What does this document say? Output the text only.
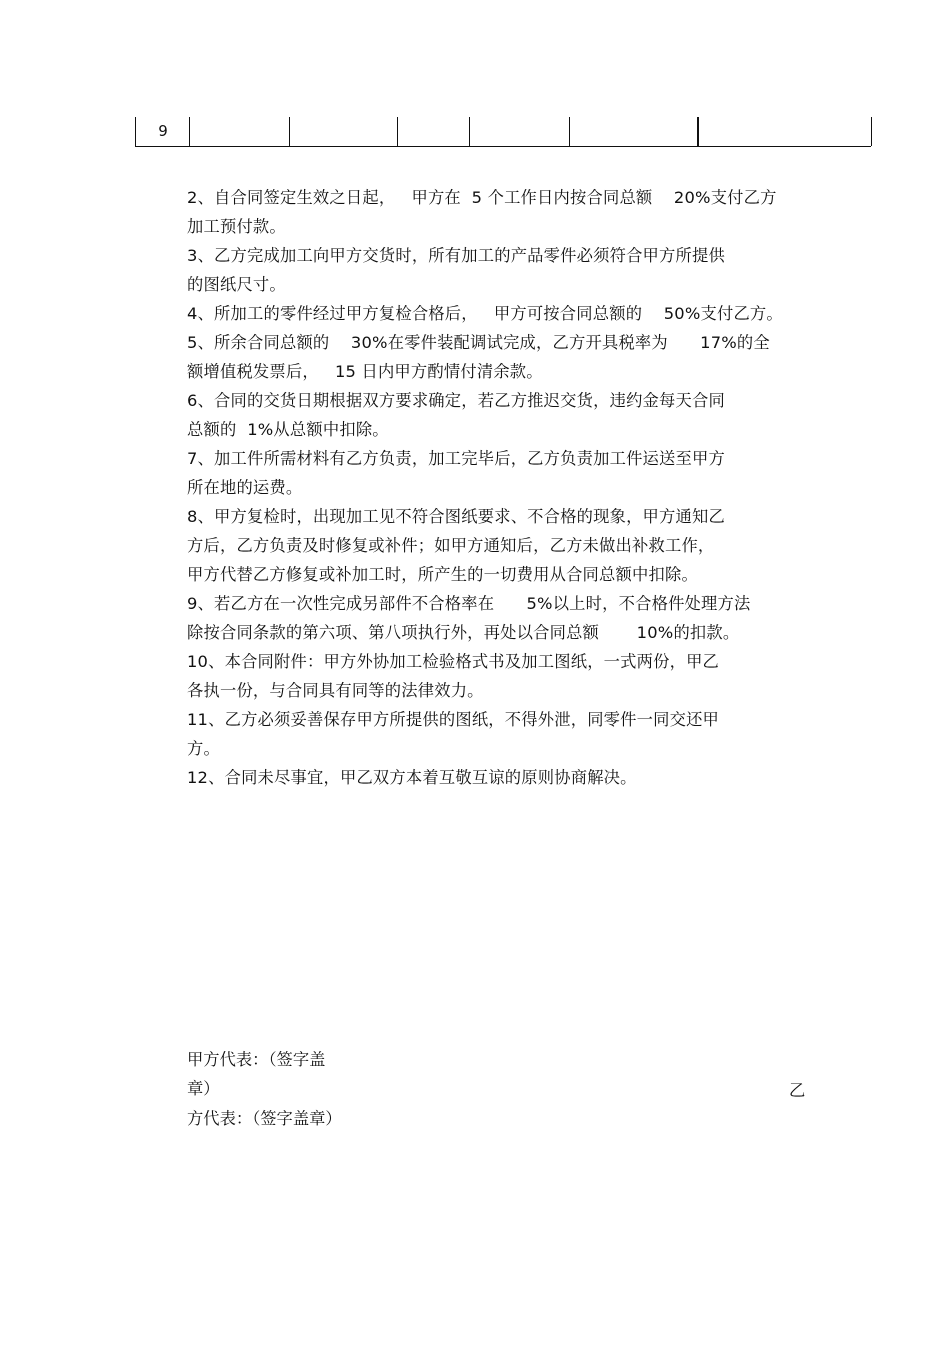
9
2、自合同签定生效之日起，   甲方在  5 个工作日内按合同总额    20%支付乙方
加工预付款。
3、乙方完成加工向甲方交货时，所有加工的产品零件必须符合甲方所提供
的图纸尺寸。
4、所加工的零件经过甲方复检合格后，   甲方可按合同总额的    50%支付乙方。
5、所余合同总额的    30%在零件装配调试完成，乙方开具税率为      17%的全
额增值税发票后，   15 日内甲方酌情付清余款。
6、合同的交货日期根据双方要求确定，若乙方推迟交货，违约金每天合同
总额的  1%从总额中扣除。
7、加工件所需材料有乙方负责，加工完毕后，乙方负责加工件运送至甲方
所在地的运费。
8、甲方复检时，出现加工见不符合图纸要求、不合格的现象，甲方通知乙
方后，乙方负责及时修复或补件；如甲方通知后，乙方未做出补救工作，
甲方代替乙方修复或补加工时，所产生的一切费用从合同总额中扣除。
9、若乙方在一次性完成另部件不合格率在      5%以上时，不合格件处理方法
除按合同条款的第六项、第八项执行外，再处以合同总额       10%的扣款。
10、本合同附件：甲方外协加工检验格式书及加工图纸，一式两份，甲乙
各执一份，与合同具有同等的法律效力。
11、乙方必须妥善保存甲方所提供的图纸，不得外泄，同零件一同交还甲
方。
12、合同未尽事宜，甲乙双方本着互敬互谅的原则协商解决。
甲方代表：（签字盖
章）	乙
方代表：（签字盖章）
